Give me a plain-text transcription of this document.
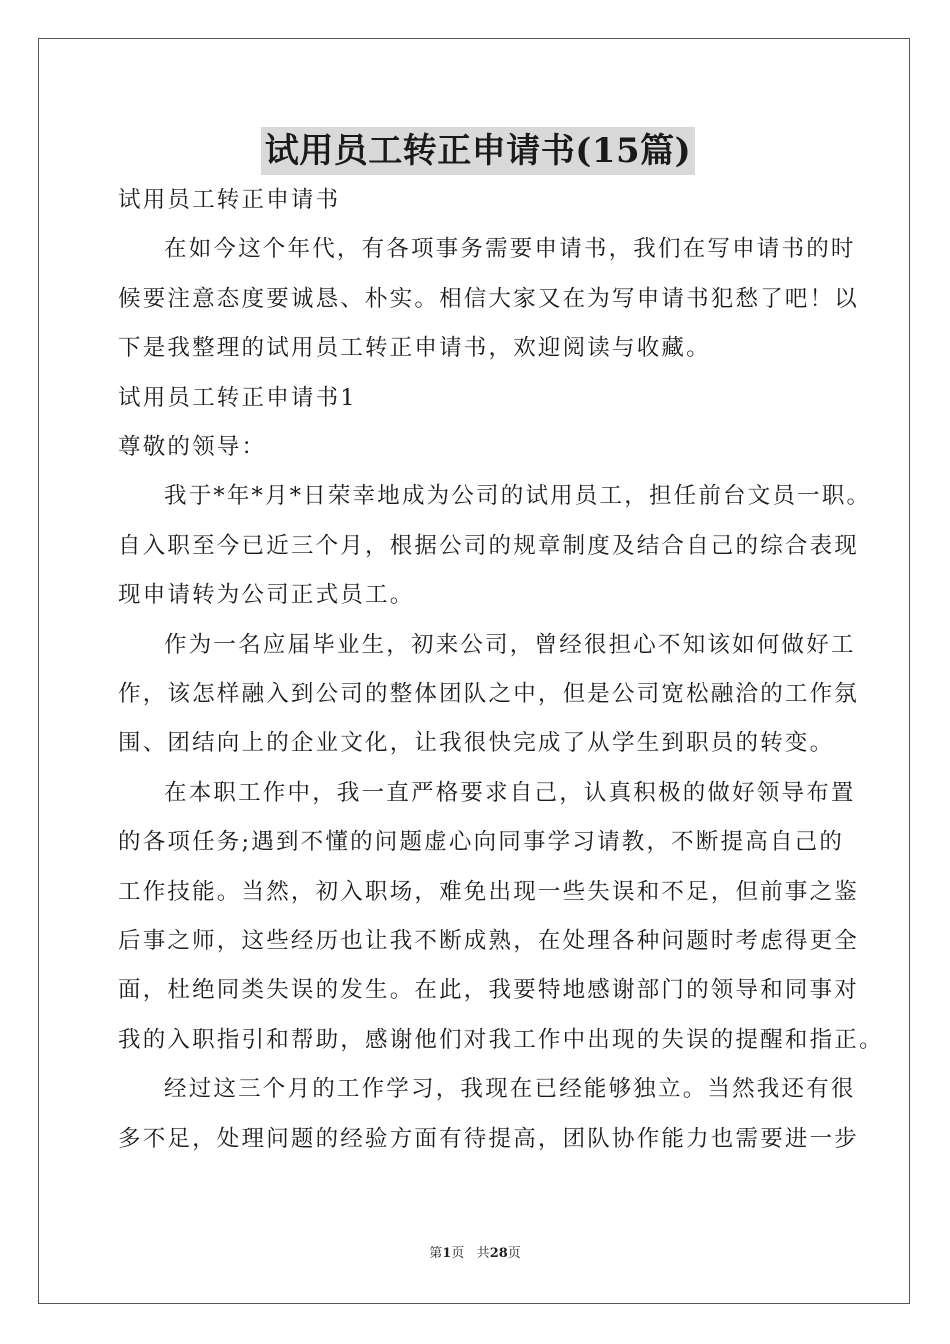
试用员工转正申请书(15篇)
试用员工转正申请书
在如今这个年代，有各项事务需要申请书，我们在写申请书的时
候要注意态度要诚恳、朴实。相信大家又在为写申请书犯愁了吧！以
下是我整理的试用员工转正申请书，欢迎阅读与收藏。
试用员工转正申请书1
尊敬的领导：
我于*年*月*日荣幸地成为公司的试用员工，担任前台文员一职。
自入职至今已近三个月，根据公司的规章制度及结合自己的综合表现
现申请转为公司正式员工。
作为一名应届毕业生，初来公司，曾经很担心不知该如何做好工
作，该怎样融入到公司的整体团队之中，但是公司宽松融洽的工作氛
围、团结向上的企业文化，让我很快完成了从学生到职员的转变。
在本职工作中，我一直严格要求自己，认真积极的做好领导布置
的各项任务;遇到不懂的问题虚心向同事学习请教，不断提高自己的
工作技能。当然，初入职场，难免出现一些失误和不足，但前事之鉴
后事之师，这些经历也让我不断成熟，在处理各种问题时考虑得更全
面，杜绝同类失误的发生。在此，我要特地感谢部门的领导和同事对
我的入职指引和帮助，感谢他们对我工作中出现的失误的提醒和指正。
经过这三个月的工作学习，我现在已经能够独立。当然我还有很
多不足，处理问题的经验方面有待提高，团队协作能力也需要进一步
第1页 共28页
